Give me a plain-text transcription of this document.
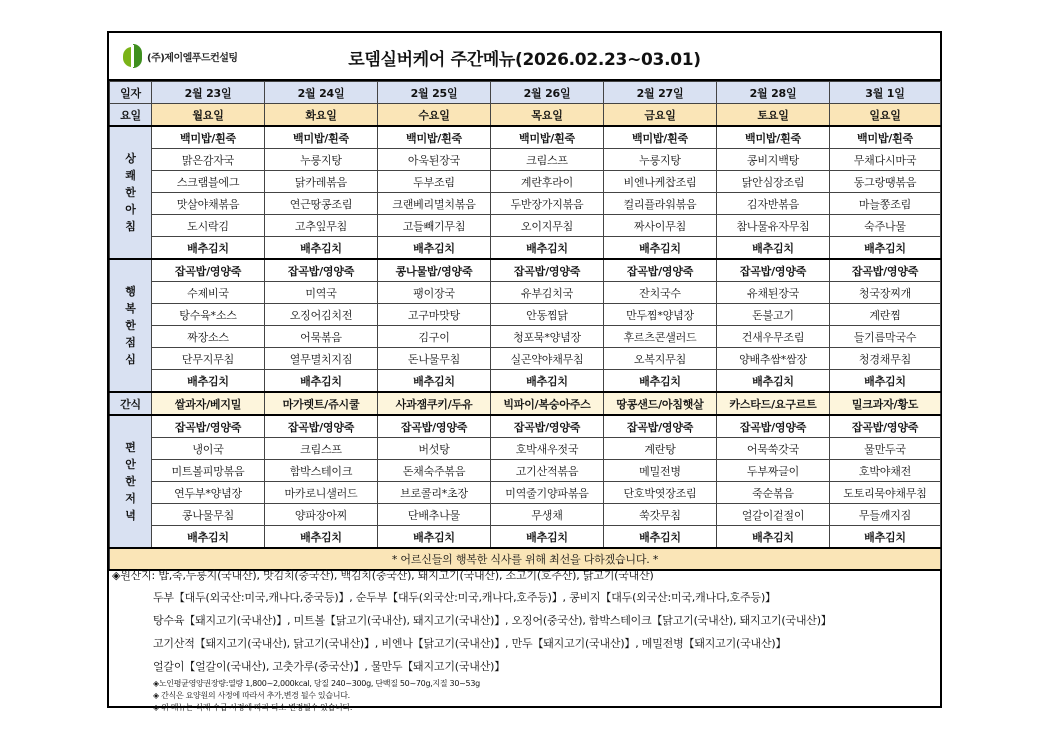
(주)제이엘푸드컨설팅	로뎀실버케어 주간메뉴(2026.02.23~03.01)
일자	2월 23일	2월 24일	2월 25일	2월 26일	2월 27일	2월 28일	3월 1일
요일	월요일	화요일	수요일	목요일	금요일	토요일	일요일

상
쾌
한
아
침	백미밥/흰죽	백미밥/흰죽	백미밥/흰죽	백미밥/흰죽	백미밥/흰죽	백미밥/흰죽	백미밥/흰죽
	맑은감자국	누룽지탕	아욱된장국	크림스프	누룽지탕	콩비지백탕	무채다시마국
	스크램블에그	닭카레볶음	두부조림	계란후라이	비엔나케찹조림	닭안심장조림	동그랑땡볶음
	맛살야채볶음	연근땅콩조림	크랜베리멸치볶음	두반장가지볶음	컬리플라워볶음	김자반볶음	마늘쫑조림
	도시락김	고추잎무침	고들빼기무침	오이지무침	짜사이무침	참나물유자무침	숙주나물
	배추김치	배추김치	배추김치	배추김치	배추김치	배추김치	배추김치

행
복
한
점
심	잡곡밥/영양죽	잡곡밥/영양죽	콩나물밥/영양죽	잡곡밥/영양죽	잡곡밥/영양죽	잡곡밥/영양죽	잡곡밥/영양죽
	수제비국	미역국	팽이장국	유부김치국	잔치국수	유채된장국	청국장찌개
	탕수육*소스	오징어김치전	고구마맛탕	안동찜닭	만두찜*양념장	돈불고기	계란찜
	짜장소스	어묵볶음	김구이	청포묵*양념장	후르츠콘샐러드	건새우무조림	들기름막국수
	단무지무침	열무멸치지짐	돈나물무침	실곤약야채무침	오복지무침	양배추쌈*쌈장	청경채무침
	배추김치	배추김치	배추김치	배추김치	배추김치	배추김치	배추김치
간식	쌀과자/베지밀	마가렛트/쥬시쿨	사과잼쿠키/두유	빅파이/복숭아주스	땅콩샌드/아침햇살	카스타드/요구르트	밀크과자/황도

편
안
한
저
녁	잡곡밥/영양죽	잡곡밥/영양죽	잡곡밥/영양죽	잡곡밥/영양죽	잡곡밥/영양죽	잡곡밥/영양죽	잡곡밥/영양죽
	냉이국	크림스프	버섯탕	호박새우젓국	계란탕	어묵쑥갓국	물만두국
	미트볼피망볶음	함박스테이크	돈채숙주볶음	고기산적볶음	메밀전병	두부짜글이	호박야채전
	연두부*양념장	마카로니샐러드	브로콜리*초장	미역줄기양파볶음	단호박엿장조림	죽순볶음	도토리묵야채무침
	콩나물무침	양파장아찌	단배추나물	무생채	쑥갓무침	얼갈이겉절이	무들깨지짐
	배추김치	배추김치	배추김치	배추김치	배추김치	배추김치	배추김치
* 어르신들의 행복한 식사를 위해 최선을 다하겠습니다. *							
◈원산지: 밥,죽,누룽지(국내산), 맛김치(중국산), 백김치(중국산), 돼지고기(국내산), 소고기(호주산), 닭고기(국내산)
두부【대두(외국산:미국,캐나다,중국등)】, 순두부【대두(외국산:미국,캐나다,호주등)】, 콩비지【대두(외국산:미국,캐나다,호주등)】
탕수육【돼지고기(국내산)】, 미트볼【닭고기(국내산), 돼지고기(국내산)】, 오징어(중국산), 함박스테이크【닭고기(국내산), 돼지고기(국내산)】
고기산적【돼지고기(국내산), 닭고기(국내산)】, 비엔나【닭고기(국내산)】, 만두【돼지고기(국내산)】, 메밀전병【돼지고기(국내산)】
얼갈이【얼갈이(국내산), 고춧가루(중국산)】, 물만두【돼지고기(국내산)】
◈노인평균영양권장량:열량 1,800~2,000kcal, 당질 240~300g, 단백질 50~70g,지질 30~53g
◈ 간식은 요양원의 사정에 따라서 추가,변경 될수 있습니다.
◈ 위 메뉴는 식재 수급 사정에 따라 다소 변경될수 있습니다.
